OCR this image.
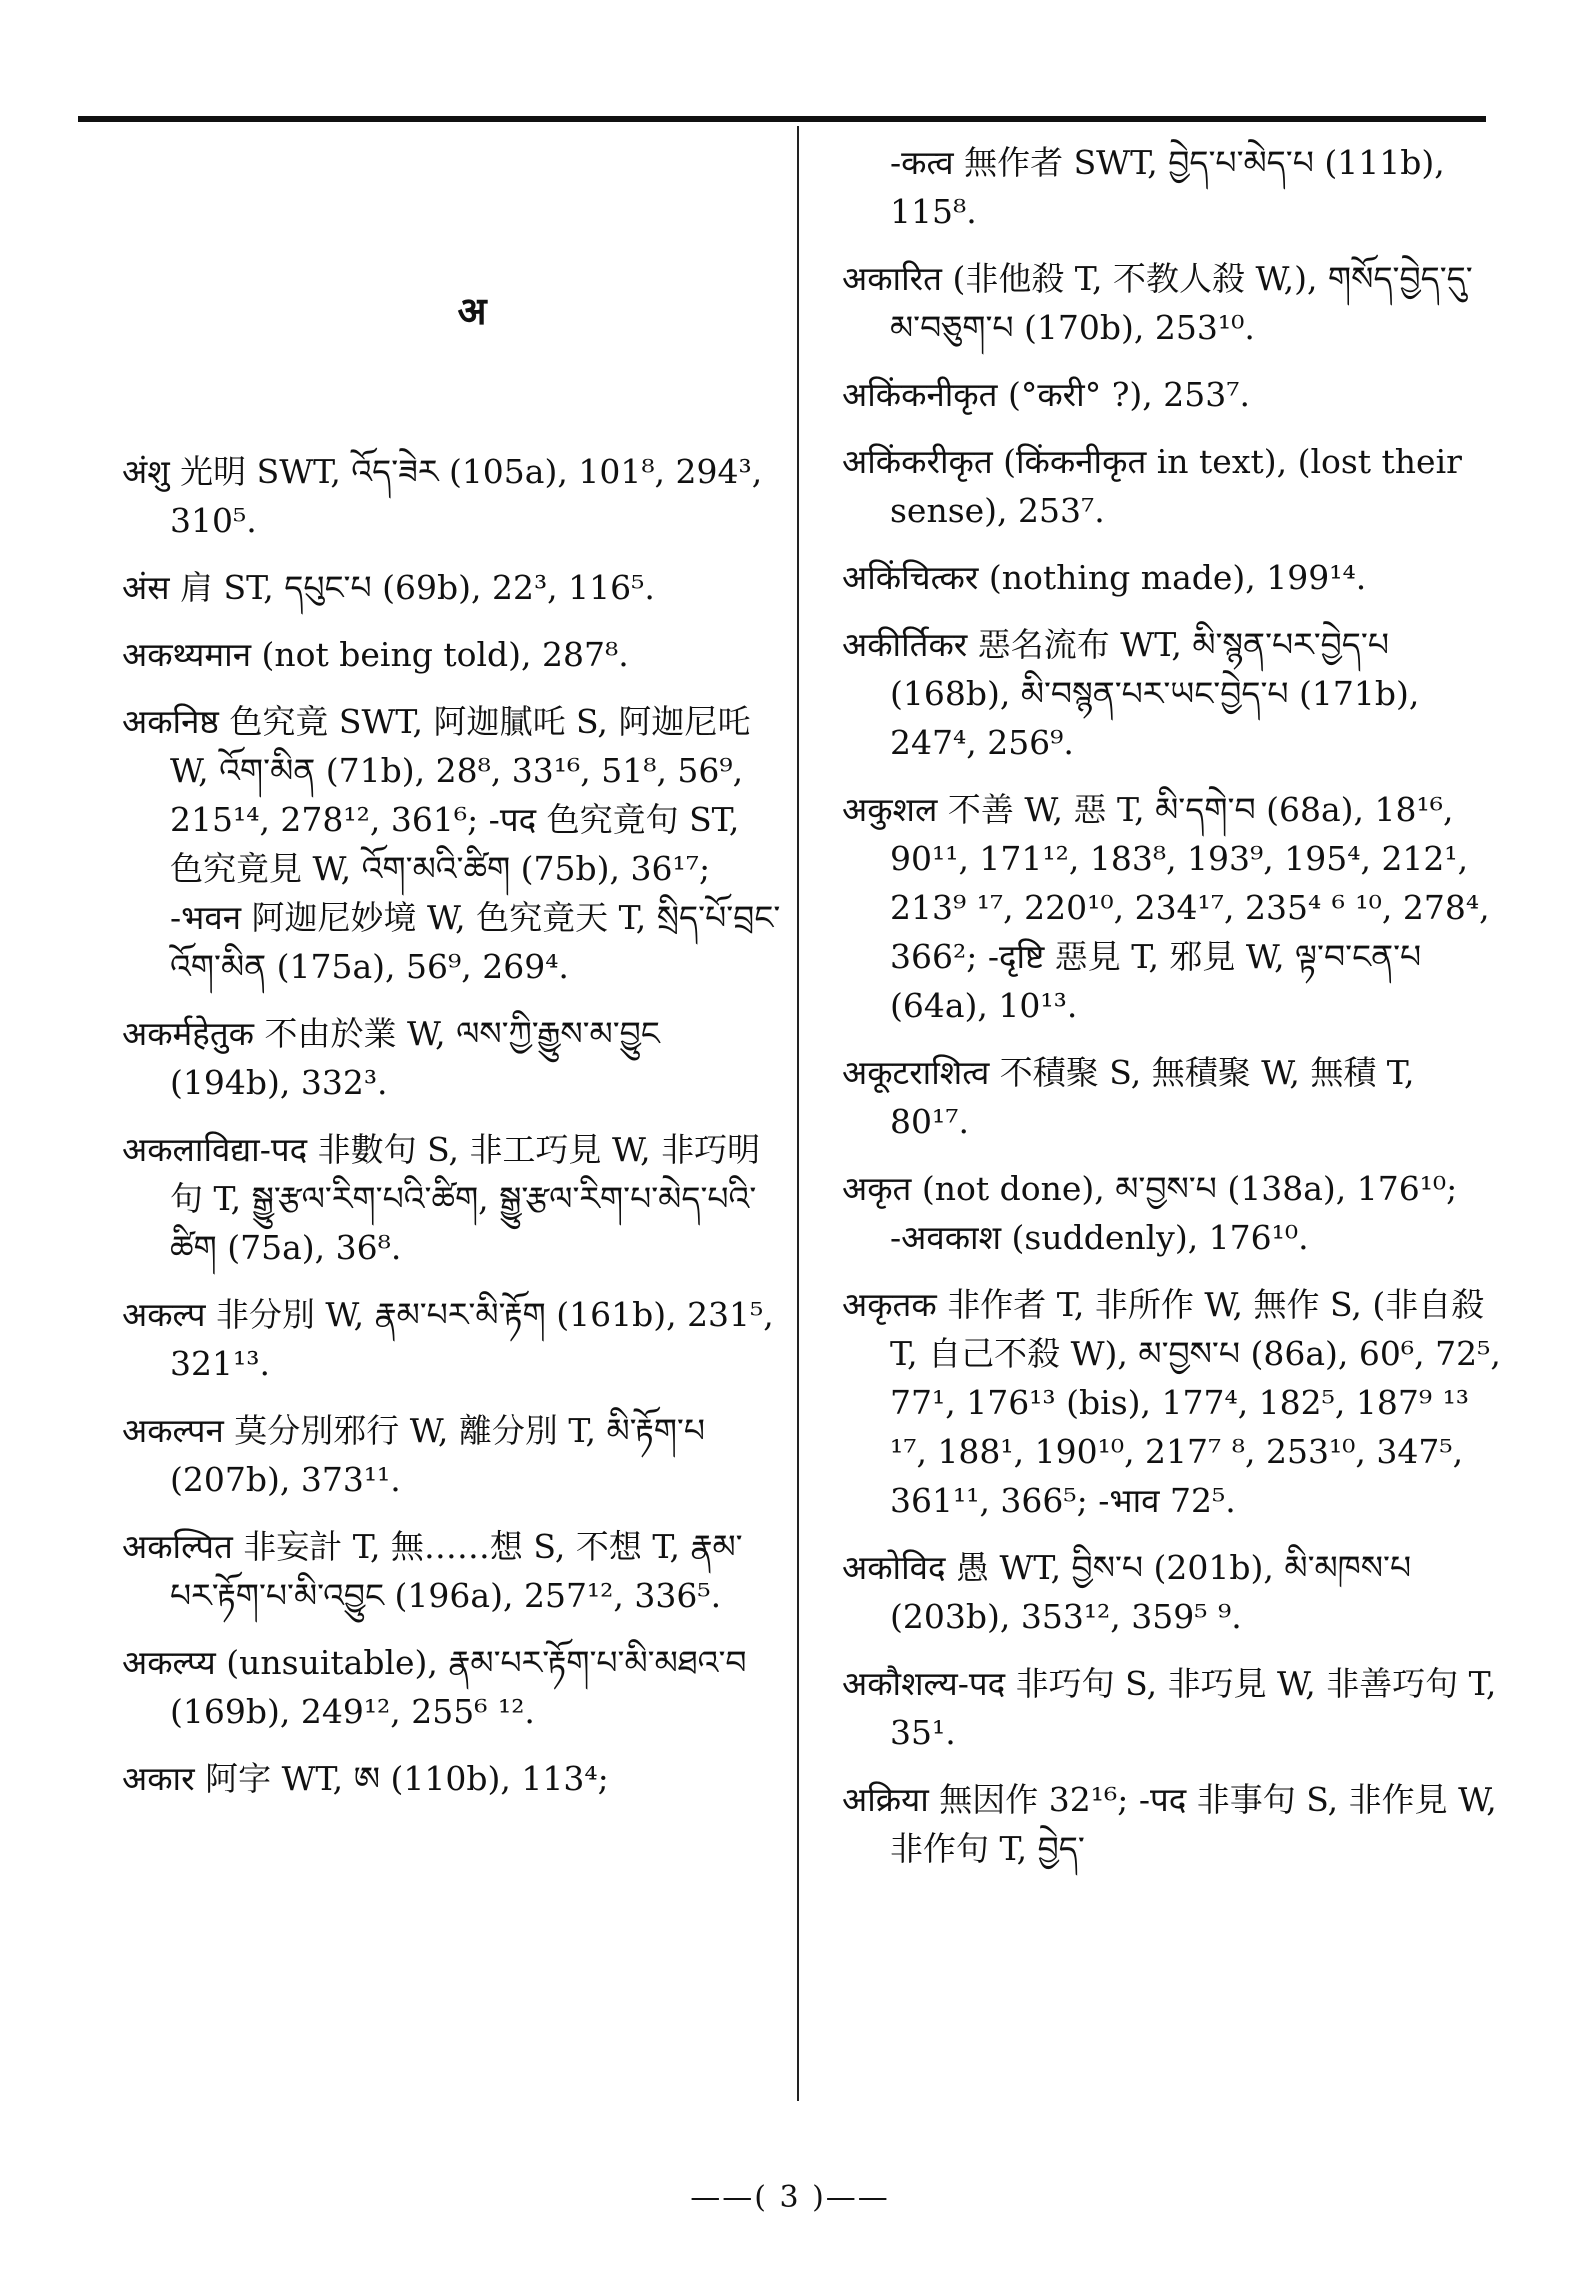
अ

अंशु 光明 SWT, འོད་ཟེར (105a), 101⁸, 294³, 310⁵.

अंस 肩 ST, དཔུང་པ (69b), 22³, 116⁵.

अकथ्यमान (not being told), 287⁸.

अकनिष्ठ 色究竟 SWT, 阿迦膩吒 S, 阿迦尼吒 W, འོག་མིན (71b), 28⁸, 33¹⁶, 51⁸, 56⁹, 215¹⁴, 278¹², 361⁶; -पद 色究竟句 ST, 色究竟見 W, འོག་མའི་ཚིག (75b), 36¹⁷; -भवन 阿迦尼妙境 W, 色究竟天 T, སྲིད་པོ་བྲང་འོག་མིན (175a), 56⁹, 269⁴.

अकर्महेतुक 不由於業 W, ལས་ཀྱི་རྒྱུས་མ་བྱུང (194b), 332³.

अकलाविद्या-पद 非數句 S, 非工巧見 W, 非巧明句 T, སྒྱུ་རྩལ་རིག་པའི་ཚིག, སྒྱུ་རྩལ་རིག་པ་མེད་པའི་ཚིག (75a), 36⁸.

अकल्प 非分別 W, རྣམ་པར་མི་རྟོག (161b), 231⁵, 321¹³.

अकल्पन 莫分別邪行 W, 離分別 T, མི་རྟོག་པ (207b), 373¹¹.

अकल्पित 非妄計 T, 無……想 S, 不想 T, རྣམ་པར་རྟོག་པ་མི་འབྱུང (196a), 257¹², 336⁵.

अकल्प्य (unsuitable), རྣམ་པར་རྟོག་པ་མི་མཐའ་བ (169b), 249¹², 255⁶ ¹².

अकार 阿字 WT, ཨ (110b), 113⁴;

-कत्व 無作者 SWT, བྱེད་པ་མེད་པ (111b), 115⁸.

अकारित (非他殺 T, 不教人殺 W,), གསོད་བྱེད་དུ་མ་བཅུག་པ (170b), 253¹⁰.

अकिंकनीकृत (°करी° ?), 253⁷.

अकिंकरीकृत (किंकनीकृत in text), (lost their sense), 253⁷.

अकिंचित्कर (nothing made), 199¹⁴.

अकीर्तिकर 惡名流布 WT, མི་སྙན་པར་བྱེད་པ (168b), མི་བསྙན་པར་ཡང་བྱེད་པ (171b), 247⁴, 256⁹.

अकुशल 不善 W, 惡 T, མི་དགེ་བ (68a), 18¹⁶, 90¹¹, 171¹², 183⁸, 193⁹, 195⁴, 212¹, 213⁹ ¹⁷, 220¹⁰, 234¹⁷, 235⁴ ⁶ ¹⁰, 278⁴, 366²; -दृष्टि 惡見 T, 邪見 W, ལྟ་བ་ངན་པ (64a), 10¹³.

अकूटराशित्व 不積聚 S, 無積聚 W, 無積 T, 80¹⁷.

अकृत (not done), མ་བྱས་པ (138a), 176¹⁰; -अवकाश (suddenly), 176¹⁰.

अकृतक 非作者 T, 非所作 W, 無作 S, (非自殺 T, 自己不殺 W), མ་བྱས་པ (86a), 60⁶, 72⁵, 77¹, 176¹³ (bis), 177⁴, 182⁵, 187⁹ ¹³ ¹⁷, 188¹, 190¹⁰, 217⁷ ⁸, 253¹⁰, 347⁵, 361¹¹, 366⁵; -भाव 72⁵.

अकोविद 愚 WT, བྱིས་པ (201b), མི་མཁས་པ (203b), 353¹², 359⁵ ⁹.

अकौशल्य-पद 非巧句 S, 非巧見 W, 非善巧句 T, 35¹.

अक्रिया 無因作 32¹⁶; -पद 非事句 S, 非作見 W, 非作句 T, བྱེད་

——( 3 )——
